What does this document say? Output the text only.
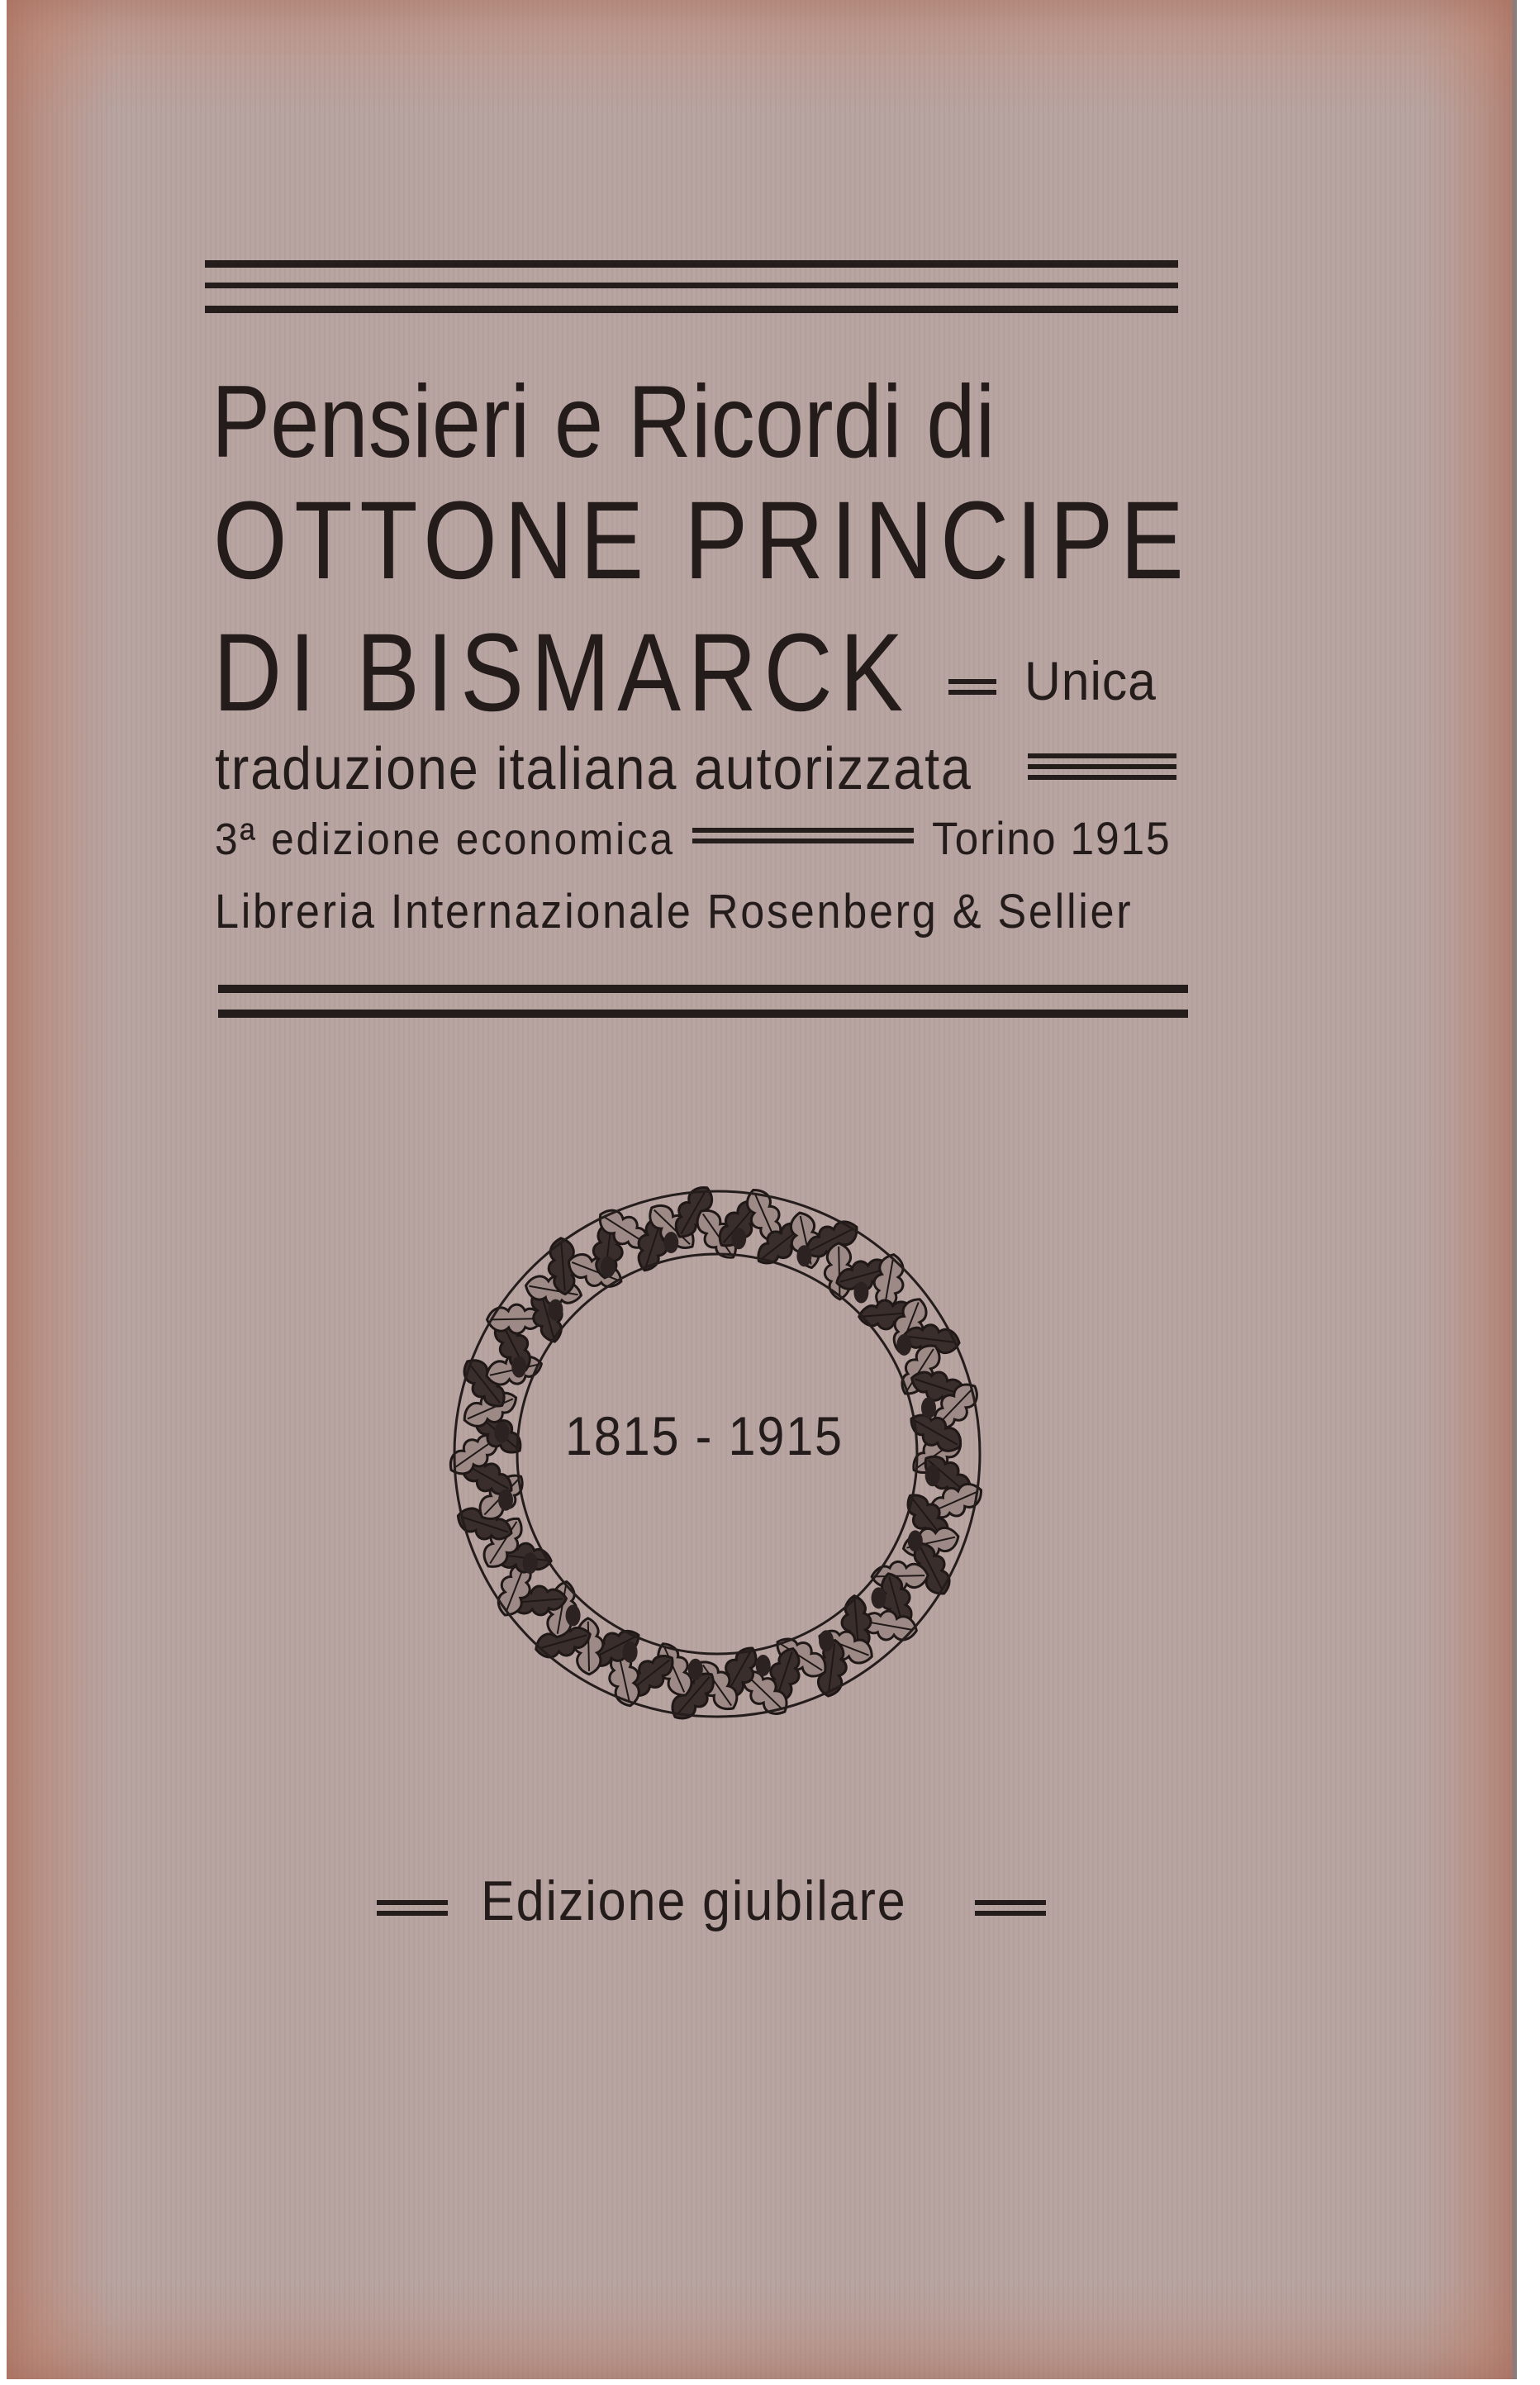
Pensieri e Ricordi di
OTTONE PRINCIPE
DI BISMARCK Unica
traduzione italiana autorizzata
3ª edizione economica	Torino 1915
Libreria Internazionale Rosenberg & Sellier
1815 - 1915
Edizione giubilare
